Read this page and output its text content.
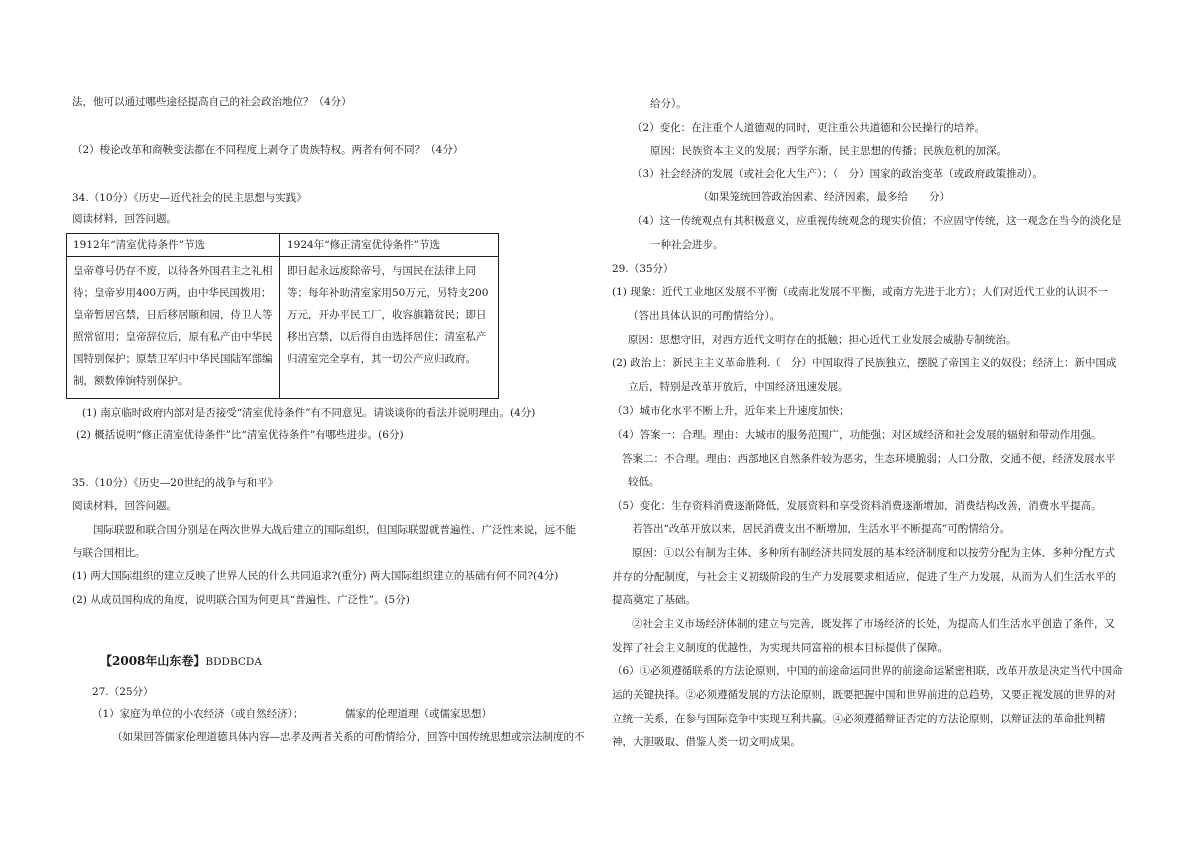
法，他可以通过哪些途径提高自己的社会政治地位？（4分）
（2）梭论改革和商鞅变法都在不同程度上剥夺了贵族特权。两者有何不同？（4分）
34.（10分）《历史—近代社会的民主思想与实践》
阅读材料，回答问题。
1912年“清室优待条件”节选	1924年“修正清室优待条件”节选
皇帝尊号仍存不废，以待各外国君主之礼相
待；皇帝岁用400万两，由中华民国拨用；
皇帝暂居宫禁，日后移居颐和园，侍卫人等
照常留用；皇帝辞位后，原有私产由中华民
国特别保护；原禁卫军归中华民国陆军部编
制，额数俸饷特别保护。
即日起永远废除帝号，与国民在法律上同
等；每年补助清室家用50万元，另特支200
万元，开办平民工厂，收容旗籍贫民；即日
移出宫禁，以后得自由选择居住；清室私产
归清室完全享有，其一切公产应归政府。
(1) 南京临时政府内部对是否接受“清室优待条件”有不同意见。请谈谈你的看法并说明理由。(4分)
(2) 概括说明“修正清室优待条件”比“清室优待条件”有哪些进步。(6分)
35.（10分）《历史—20世纪的战争与和平》
阅读材料，回答问题。
国际联盟和联合国分别是在两次世界大战后建立的国际组织，但国际联盟就普遍性、广泛性来说，远不能
与联合国相比。
(1) 两大国际组织的建立反映了世界人民的什么共同追求?(重分) 两大国际组织建立的基础有何不同?(4分)
(2) 从成员国构成的角度，说明联合国为何更具“普遍性、广泛性”。(5分)
【2008年山东卷】BDDBCDA
27.（25分）
（1）家庭为单位的小农经济（或自然经济）；	儒家的伦理道理（或儒家思想）
（如果回答儒家伦理道德具体内容—忠孝及两者关系的可酌情给分，回答中国传统思想或宗法制度的不
给分）。
（2）变化：在注重个人道德观的同时，更注重公共道德和公民操行的培养。
原因：民族资本主义的发展；西学东渐，民主思想的传播；民族危机的加深。
（3）社会经济的发展（或社会化大生产）；（　分）国家的政治变革（或政府政策推动）。
（如果笼统回答政治因素、经济因素，最多给　　分）
（4）这一传统观点有其积极意义，应重视传统观念的现实价值；不应固守传统，这一观念在当今的淡化是
一种社会进步。
29.（35分）
(1) 现象：近代工业地区发展不平衡（或南北发展不平衡，或南方先进于北方）；人们对近代工业的认识不一
（答出具体认识的可酌情给分）。
原因：思想守旧，对西方近代文明存在的抵触；担心近代工业发展会威胁专制统治。
(2) 政治上：新民主主义革命胜利.（　分）中国取得了民族独立，摆脱了帝国主义的奴役；经济上：新中国成
立后，特别是改革开放后，中国经济迅速发展。
（3）城市化水平不断上升，近年来上升速度加快；
（4）答案一：合理。理由：大城市的服务范围广，功能强；对区域经济和社会发展的辐射和带动作用强。
答案二：不合理。理由：西部地区自然条件较为恶劣，生态环境脆弱；人口分散，交通不便，经济发展水平
较低。
（5）变化：生存资料消费逐渐降低，发展资料和享受资料消费逐渐增加，消费结构改善，消费水平提高。
若答出“改革开放以来，居民消费支出不断增加，生活水平不断提高”可酌情给分。
原因：①以公有制为主体、多种所有制经济共同发展的基本经济制度和以按劳分配为主体、多种分配方式
并存的分配制度，与社会主义初级阶段的生产力发展要求相适应，促进了生产力发展，从而为人们生活水平的
提高奠定了基础。
②社会主义市场经济体制的建立与完善，既发挥了市场经济的长处，为提高人们生活水平创造了条件，又
发挥了社会主义制度的优越性，为实现共同富裕的根本目标提供了保障。
（6）①必须遵循联系的方法论原则，中国的前途命运同世界的前途命运紧密相联，改革开放是决定当代中国命
运的关键抉择。②必须遵循发展的方法论原则，既要把握中国和世界前进的总趋势，又要正视发展的世界的对
立统一关系，在参与国际竞争中实现互利共赢。④必须遵循辩证否定的方法论原则，以辩证法的革命批判精
神，大胆吸取、借鉴人类一切文明成果。
